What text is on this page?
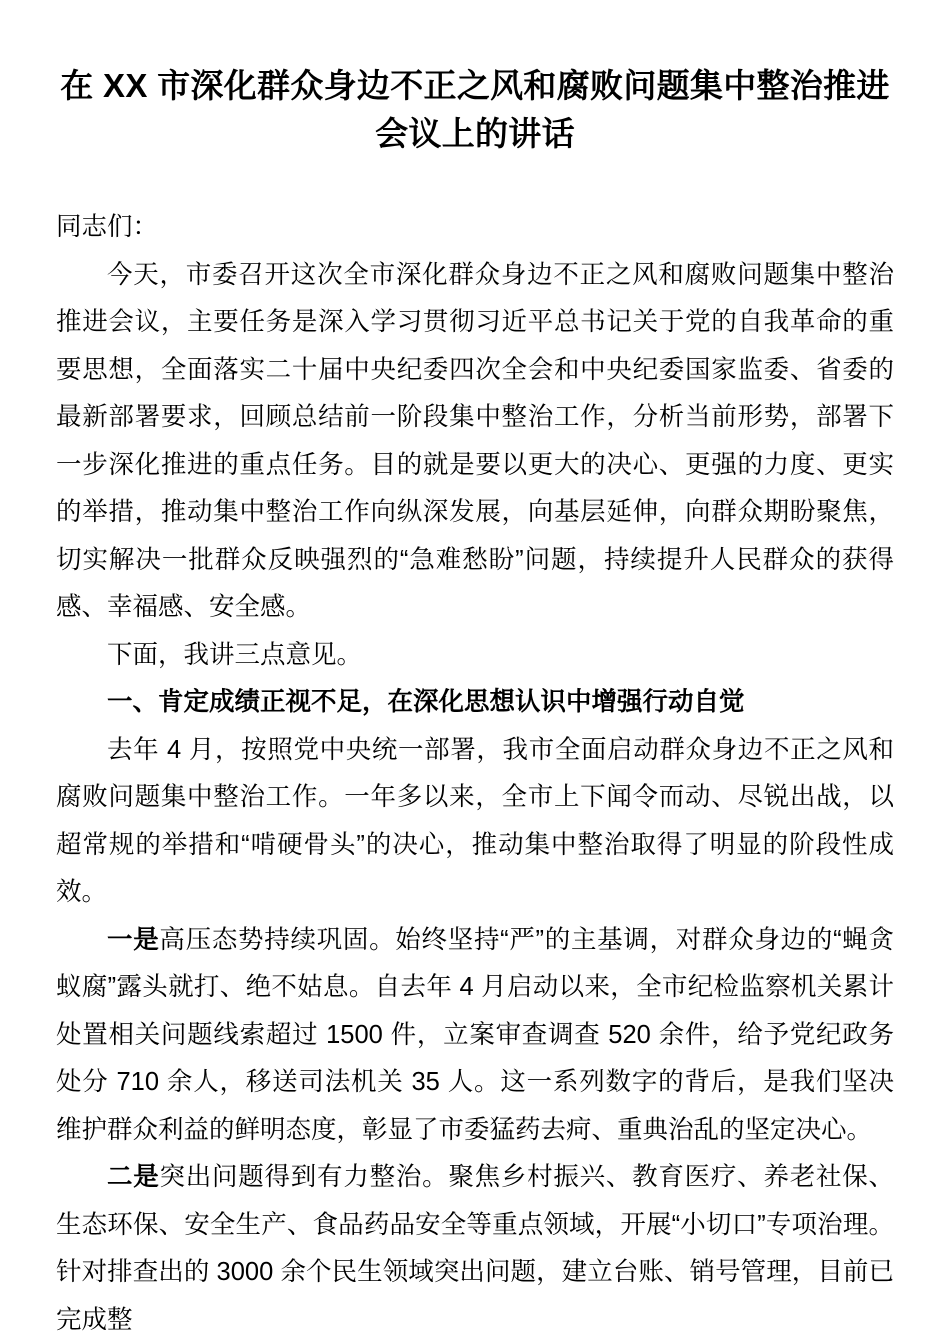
在 XX 市深化群众身边不正之风和腐败问题集中整治推进会议上的讲话

同志们：

今天，市委召开这次全市深化群众身边不正之风和腐败问题集中整治推进会议，主要任务是深入学习贯彻习近平总书记关于党的自我革命的重要思想，全面落实二十届中央纪委四次全会和中央纪委国家监委、省委的最新部署要求，回顾总结前一阶段集中整治工作，分析当前形势，部署下一步深化推进的重点任务。目的就是要以更大的决心、更强的力度、更实的举措，推动集中整治工作向纵深发展，向基层延伸，向群众期盼聚焦，切实解决一批群众反映强烈的“急难愁盼”问题，持续提升人民群众的获得感、幸福感、安全感。

下面，我讲三点意见。

一、肯定成绩正视不足，在深化思想认识中增强行动自觉

去年 4 月，按照党中央统一部署，我市全面启动群众身边不正之风和腐败问题集中整治工作。一年多以来，全市上下闻令而动、尽锐出战，以超常规的举措和“啃硬骨头”的决心，推动集中整治取得了明显的阶段性成效。

一是高压态势持续巩固。始终坚持“严”的主基调，对群众身边的“蝇贪蚁腐”露头就打、绝不姑息。自去年 4 月启动以来，全市纪检监察机关累计处置相关问题线索超过 1500 件，立案审查调查 520 余件，给予党纪政务处分 710 余人，移送司法机关 35 人。这一系列数字的背后，是我们坚决维护群众利益的鲜明态度，彰显了市委猛药去疴、重典治乱的坚定决心。

二是突出问题得到有力整治。聚焦乡村振兴、教育医疗、养老社保、生态环保、安全生产、食品药品安全等重点领域，开展“小切口”专项治理。针对排查出的 3000 余个民生领域突出问题，建立台账、销号管理，目前已完成整
